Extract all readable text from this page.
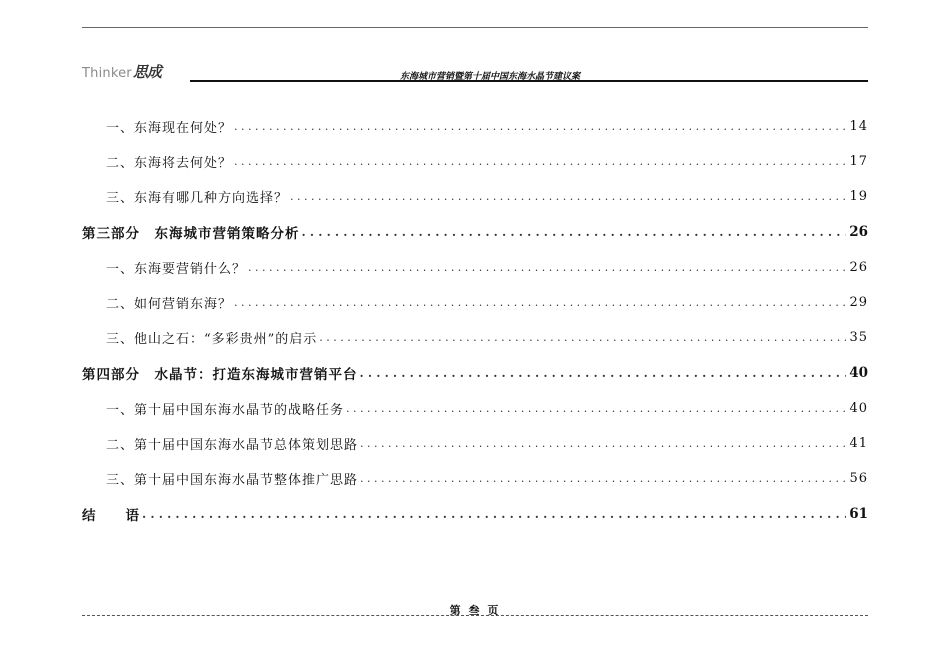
Thinker 思成	东海城市营销暨第十届中国东海水晶节建议案
一、东海现在何处？ . . .	14
二、东海将去何处？ . . .	17
三、东海有哪几种方向选择？ . . .	19
第三部分　东海城市营销策略分析 . . .	26
一、东海要营销什么？ . . .	26
二、如何营销东海？ . . .	29
三、他山之石：“多彩贵州”的启示 . . .	35
第四部分　水晶节：打造东海城市营销平台 . . .	40
一、第十届中国东海水晶节的战略任务 . . .	40
二、第十届中国东海水晶节总体策划思路 . . .	41
三、第十届中国东海水晶节整体推广思路 . . .	56
结　　语 . . .	61
第 叁 页
